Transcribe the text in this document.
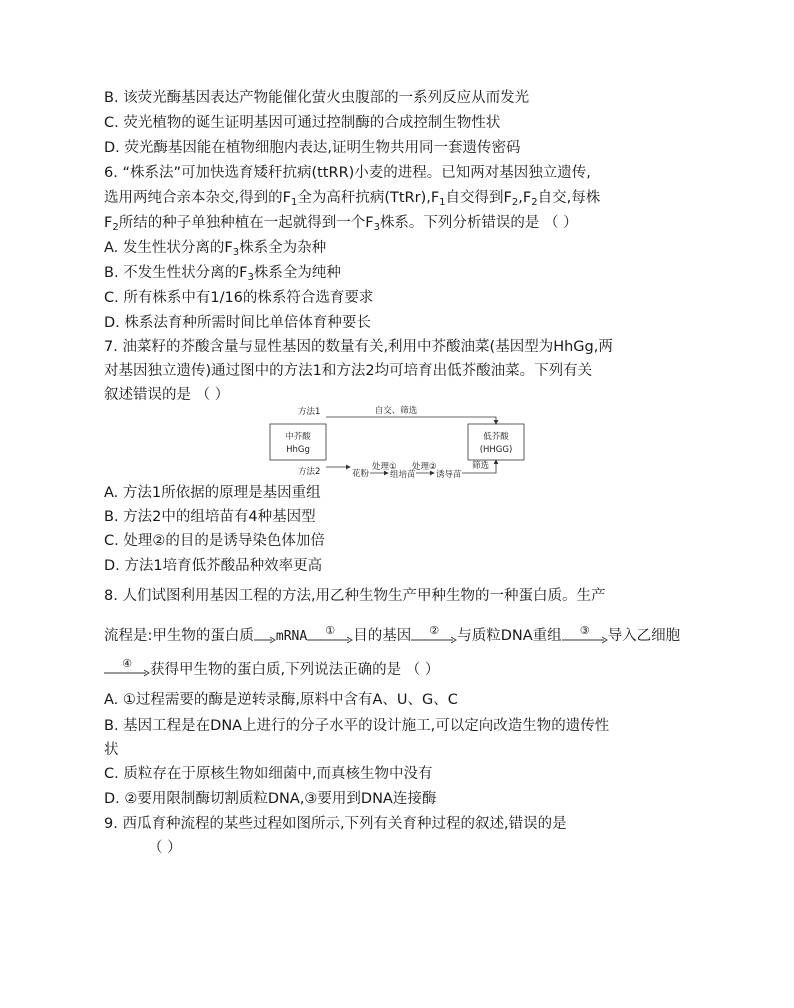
B. 该荧光酶基因表达产物能催化萤火虫腹部的一系列反应从而发光
C. 荧光植物的诞生证明基因可通过控制酶的合成控制生物性状
D. 荧光酶基因能在植物细胞内表达,证明生物共用同一套遗传密码
6. “株系法”可加快选育矮秆抗病(ttRR)小麦的进程。已知两对基因独立遗传,
选用两纯合亲本杂交,得到的$F_1$全为高秆抗病$(TtRr),F_1$自交得到$F_2,F_2$自交,每株
$F_2$所结的种子单独种植在一起就得到一个$F_3$株系。下列分析错误的是 （ ）
A. 发生性状分离的$F_3$株系全为杂种
B. 不发生性状分离的$F_3$株系全为纯种
C. 所有株系中有1/16的株系符合选育要求
D. 株系法育种所需时间比单倍体育种要长
7. 油菜籽的芥酸含量与显性基因的数量有关,利用中芥酸油菜(基因型为HhGg,两
对基因独立遗传)通过图中的方法1和方法2均可培育出低芥酸油菜。下列有关
叙述错误的是 （ ）
中芥酸
HhGg
低芥酸
(HHGG)
方法1	自交、筛选
方法2	花粉
处理①
组培苗
处理②
诱导苗
筛选
A. 方法1所依据的原理是基因重组
B. 方法2中的组培苗有4种基因型
C. 处理②的目的是诱导染色体加倍
D. 方法1培育低芥酸品种效率更高
8. 人们试图利用基因工程的方法,用乙种生物生产甲种生物的一种蛋白质。生产
流程是:甲生物的蛋白质 mRNA	①	目的基因	②	与质粒DNA重组	③	导入乙细胞
④	获得甲生物的蛋白质,下列说法正确的是 （ ）
A. ①过程需要的酶是逆转录酶,原料中含有A、U、G、C
B. 基因工程是在DNA上进行的分子水平的设计施工,可以定向改造生物的遗传性
状
C. 质粒存在于原核生物如细菌中,而真核生物中没有
D. ②要用限制酶切割质粒DNA,③要用到DNA连接酶
9. 西瓜育种流程的某些过程如图所示,下列有关育种过程的叙述,错误的是
（ ）
